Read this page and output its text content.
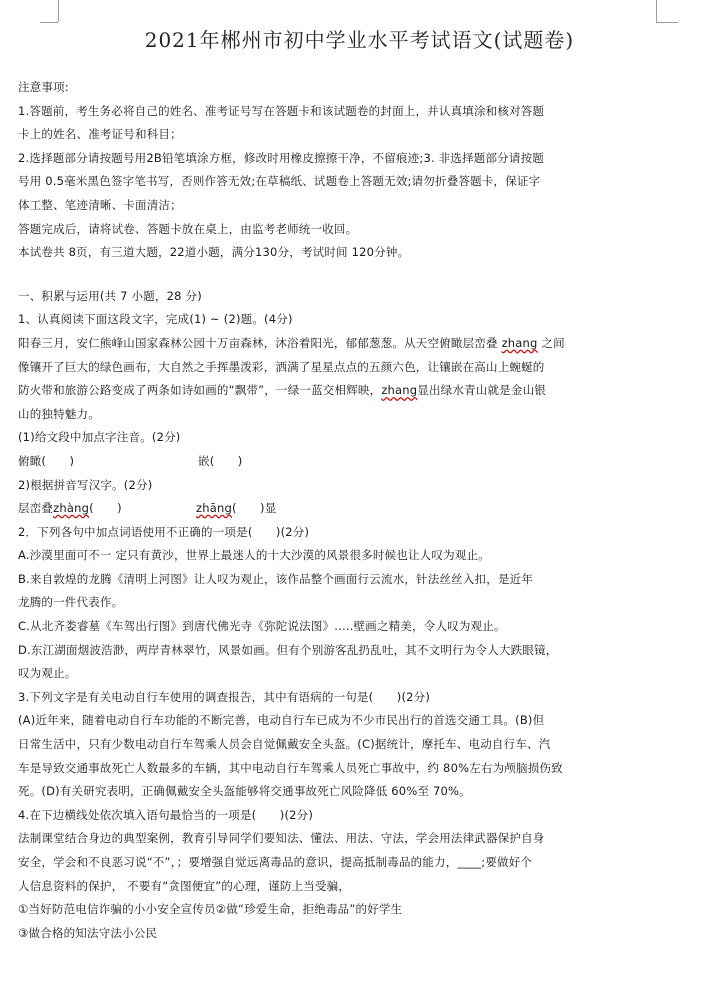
2021年郴州市初中学业水平考试语文(试题卷)
注意事项:
1.答题前，考生务必将自己的姓名、准考证号写在答题卡和该试题卷的封面上，并认真填涂和核对答题
卡上的姓名、准考证号和科目；
2.选择题部分请按题号用2B铅笔填涂方框，修改时用橡皮擦擦干净，不留痕迹;3. 非选择题部分请按题
号用 0.5毫米黑色签字笔书写，否则作答无效;在草稿纸、试题卷上答题无效;请勿折叠答题卡，保证字
体工整、笔迹清晰、卡面清洁；
答题完成后，请将试卷、答题卡放在桌上，由监考老师统一收回。
本试卷共 8页，有三道大题，22道小题，满分130分，考试时间 120分钟。
一、积累与运用(共 7 小题，28 分)
1、认真阅读下面这段文字，完成(1) ~ (2)题。(4分)
阳春三月，安仁熊峰山国家森林公园十万亩森林，沐浴着阳光，郁郁葱葱。从天空俯瞰层峦叠 zhang 之间
像镶开了巨大的绿色画布，大自然之手挥墨泼彩，洒满了星星点点的五颜六色，让镶嵌在高山上蜿蜒的
防火带和旅游公路变成了两条如诗如画的“飘带”，一绿一蓝交相辉映，zhang显出绿水青山就是金山银
山的独特魅力。
(1)给文段中加点字注音。(2分)
俯瞰(　　)	嵌(　　)
2)根据拼音写汉字。(2分)
层峦叠zhàng(　　)	zhāng(　　)显
2．下列各句中加点词语使用不正确的一项是(　　)(2分)
A.沙漠里面可不一 定只有黄沙，世界上最迷人的十大沙漠的风景很多时候也让人叹为观止。
B.来自敦煌的龙腾《清明上河图》让人叹为观止，该作品整个画面行云流水，针法丝丝入扣，是近年
龙腾的一件代表作。
C.从北齐娄睿墓《车驾出行图》到唐代佛光寺《弥陀说法图》.....壁画之精美，令人叹为观止。
D.东江湖面烟波浩渺，两岸青林翠竹，风景如画。但有个别游客乱扔乱吐，其不文明行为令人大跌眼镜，
叹为观止。
3.下列文字是有关电动自行车使用的调查报告，其中有语病的一句是(　　)(2分)
(A)近年来，随着电动自行车功能的不断完善，电动自行车已成为不少市民出行的首选交通工具。(B)但
日常生活中，只有少数电动自行车驾乘人员会自觉佩戴安全头盔。(C)据统计，摩托车、电动自行车、汽
车是导致交通事故死亡人数最多的车辆，其中电动自行车驾乘人员死亡事故中，约 80%左右为颅脑损伤致
死。(D)有关研究表明，正确佩戴安全头盔能够将交通事故死亡风险降低 60%至 70%。
4.在下边横线处依次填入语句最恰当的一项是(　　)(2分)
法制课堂结合身边的典型案例，教育引导同学们要知法、懂法、用法、守法，学会用法律武器保护自身
安全，学会和不良恶习说“不”，；要增强自觉远离毒品的意识，提高抵制毒品的能力，____;要做好个
人信息资料的保护， 不要有“贪图便宜”的心理，谨防上当受骗，
①当好防范电信诈骗的小小安全宣传员②做“珍爱生命，拒绝毒品”的好学生
③做合格的知法守法小公民
